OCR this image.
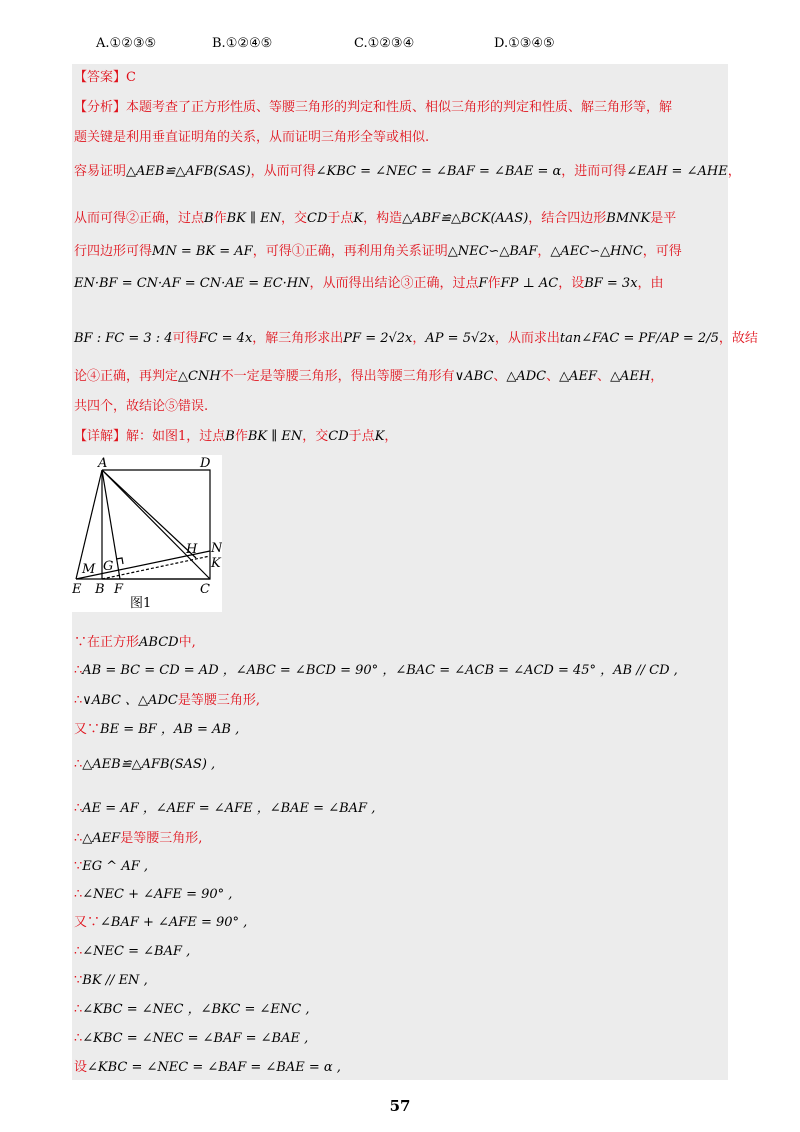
A.①②③⑤	B.①②④⑤	C.①②③④	D.①③④⑤
【答案】C
【分析】本题考查了正方形性质、等腰三角形的判定和性质、相似三角形的判定和性质、解三角形等，解
题关键是利用垂直证明角的关系，从而证明三角形全等或相似.
容易证明△AEB≌△AFB(SAS)，从而可得∠KBC = ∠NEC = ∠BAF = ∠BAE = α，进而可得∠EAH = ∠AHE，
从而可得②正确，过点B作BK ∥ EN，交CD于点K，构造△ABF≌△BCK(AAS)，结合四边形BMNK是平
行四边形可得MN = BK = AF，可得①正确，再利用角关系证明△NEC∽△BAF，△AEC∽△HNC，可得
EN·BF = CN·AF = CN·AE = EC·HN，从而得出结论③正确，过点F作FP ⊥ AC，设BF = 3x，由
BF : FC = 3 : 4可得FC = 4x，解三角形求出PF = 2√2x，AP = 5√2x，从而求出tan∠FAC = PF/AP = 2/5，故结
论④正确，再判定△CNH不一定是等腰三角形，得出等腰三角形有∨ABC、△ADC、△AEF、△AEH，
共四个，故结论⑤错误.
【详解】解：如图1，过点B作BK ∥ EN，交CD于点K，
A	D
E B F	C
M G
H N
K
图1
∵在正方形ABCD中,
∴AB = BC = CD = AD ，∠ABC = ∠BCD = 90° ，∠BAC = ∠ACB = ∠ACD = 45° ，AB // CD ,
∴∨ABC 、△ADC是等腰三角形,
又∵BE = BF ，AB = AB ,
∴△AEB≌△AFB(SAS) ,
∴AE = AF ，∠AEF = ∠AFE ，∠BAE = ∠BAF ,
∴△AEF是等腰三角形,
∵EG ^ AF ,
∴∠NEC + ∠AFE = 90° ,
又∵∠BAF + ∠AFE = 90° ,
∴∠NEC = ∠BAF ,
∵BK // EN ,
∴∠KBC = ∠NEC ，∠BKC = ∠ENC ,
∴∠KBC = ∠NEC = ∠BAF = ∠BAE ,
设∠KBC = ∠NEC = ∠BAF = ∠BAE = α ,
57
